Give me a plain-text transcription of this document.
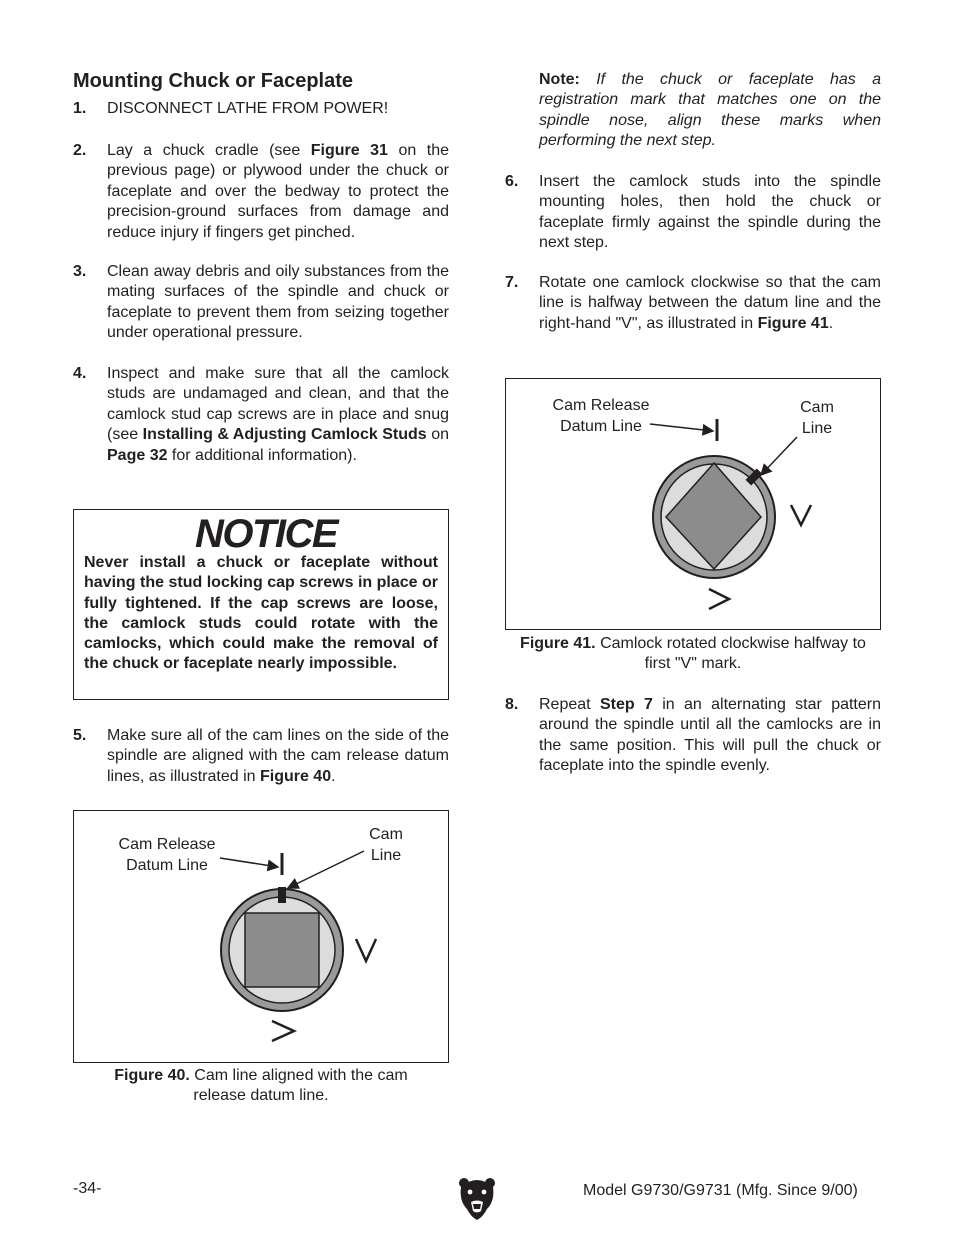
Mounting Chuck or Faceplate
1. DISCONNECT LATHE FROM POWER!
2. Lay a chuck cradle (see Figure 31 on the previous page) or plywood under the chuck or faceplate and over the bedway to protect the precision-ground surfaces from damage and reduce injury if fingers get pinched.
3. Clean away debris and oily substances from the mating surfaces of the spindle and chuck or faceplate to prevent them from seizing together under operational pressure.
4. Inspect and make sure that all the camlock studs are undamaged and clean, and that the camlock stud cap screws are in place and snug (see Installing & Adjusting Camlock Studs on Page 32 for additional information).
NOTICE
Never install a chuck or faceplate without having the stud locking cap screws in place or fully tightened. If the cap screws are loose, the camlock studs could rotate with the camlocks, which could make the removal of the chuck or faceplate nearly impossible.
5. Make sure all of the cam lines on the side of the spindle are aligned with the cam release datum lines, as illustrated in Figure 40.
Cam Release
Datum Line
Cam
Line
Figure 40. Cam line aligned with the cam release datum line.
Note: If the chuck or faceplate has a registration mark that matches one on the spindle nose, align these marks when performing the next step.
6. Insert the camlock studs into the spindle mounting holes, then hold the chuck or faceplate firmly against the spindle during the next step.
7. Rotate one camlock clockwise so that the cam line is halfway between the datum line and the right-hand "V", as illustrated in Figure 41.
Cam Release
Datum Line
Cam
Line
Figure 41. Camlock rotated clockwise halfway to first "V" mark.
8. Repeat Step 7 in an alternating star pattern around the spindle until all the camlocks are in the same position. This will pull the chuck or faceplate into the spindle evenly.
-34-	Model G9730/G9731 (Mfg. Since 9/00)
